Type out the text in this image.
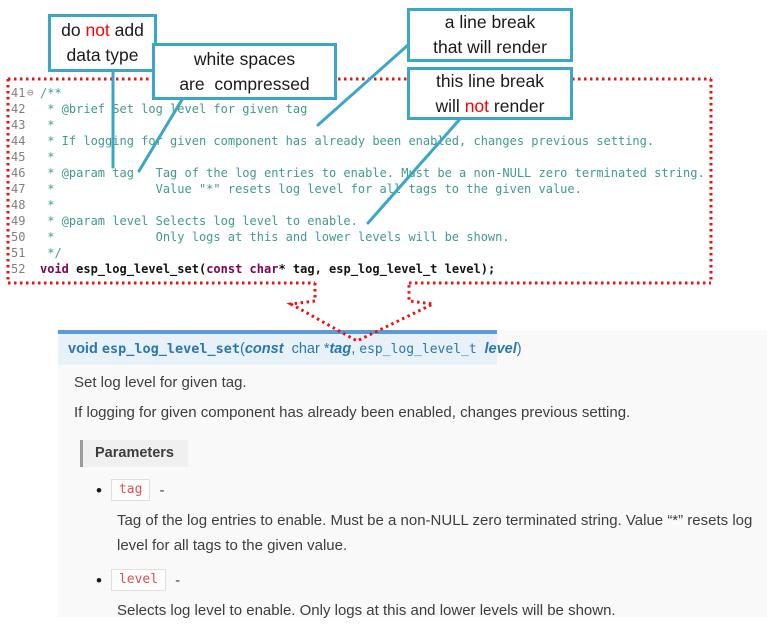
41 ⊖ /**
42 * @brief Set log level for given tag
43 *
44 * If logging for given component has already been enabled, changes previous setting.
45 *
46 * @param tag   Tag of the log entries to enable. Must be a non-NULL zero terminated string.
47 *              Value "*" resets log level for all tags to the given value.
48 *
49 * @param level Selects log level to enable.
50 *              Only logs at this and lower levels will be shown.
51 */
52 void esp_log_level_set(const char* tag, esp_log_level_t level);
do not add
data type	white spaces
are  compressed
a line break
that will render
this line break
will not render
void esp_log_level_set(const  char *tag, esp_log_level_t level)
Set log level for given tag.
If logging for given component has already been enabled, changes previous setting.
Parameters
•	tag	-
Tag of the log entries to enable. Must be a non-NULL zero terminated string. Value “*” resets log level for all tags to the given value.
•	level	-
Selects log level to enable. Only logs at this and lower levels will be shown.
